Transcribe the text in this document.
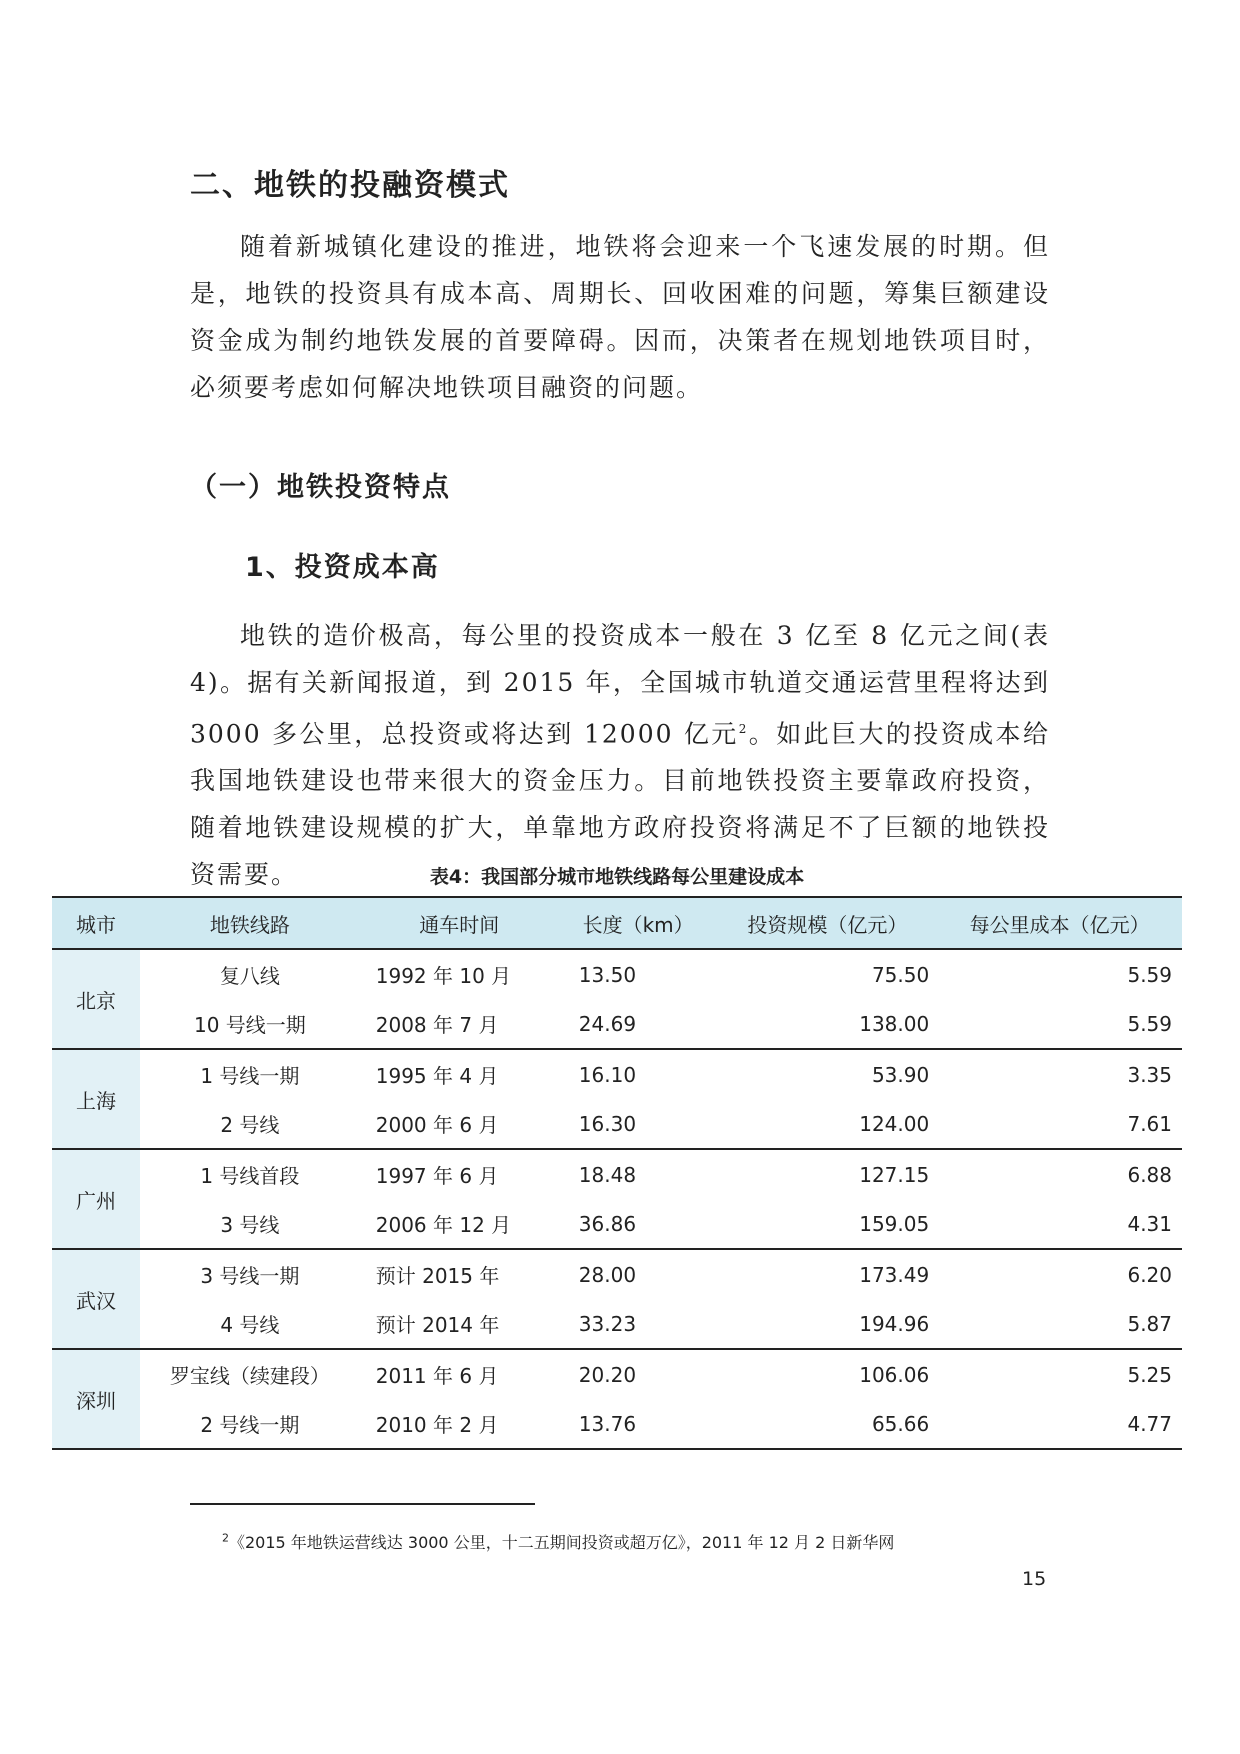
二、地铁的投融资模式

随着新城镇化建设的推进，地铁将会迎来一个飞速发展的时期。但是，地铁的投资具有成本高、周期长、回收困难的问题，筹集巨额建设资金成为制约地铁发展的首要障碍。因而，决策者在规划地铁项目时，必须要考虑如何解决地铁项目融资的问题。

（一）地铁投资特点
1、投资成本高

地铁的造价极高，每公里的投资成本一般在 3 亿至 8 亿元之间(表 4)。据有关新闻报道，到 2015 年，全国城市轨道交通运营里程将达到 3000 多公里，总投资或将达到 12000 亿元$^2$。如此巨大的投资成本给我国地铁建设也带来很大的资金压力。目前地铁投资主要靠政府投资，随着地铁建设规模的扩大，单靠地方政府投资将满足不了巨额的地铁投资需要。	表4：我国部分城市地铁线路每公里建设成本
城市	地铁线路	通车时间	长度（km）	投资规模（亿元）	每公里成本（亿元）
北京	复八线	1992 年 10 月	13.50	75.50	5.59
	10 号线一期	2008 年 7 月	24.69	138.00	5.59
上海	1 号线一期	1995 年 4 月	16.10	53.90	3.35
	2 号线	2000 年 6 月	16.30	124.00	7.61
广州	1 号线首段	1997 年 6 月	18.48	127.15	6.88
	3 号线	2006 年 12 月	36.86	159.05	4.31
武汉	3 号线一期	预计 2015 年	28.00	173.49	6.20
	4 号线	预计 2014 年	33.23	194.96	5.87
深圳	罗宝线（续建段）	2011 年 6 月	20.20	106.06	5.25
	2 号线一期	2010 年 2 月	13.76	65.66	4.77
$^2$《2015 年地铁运营线达 3000 公里，十二五期间投资或超万亿》，2011 年 12 月 2 日新华网
15
